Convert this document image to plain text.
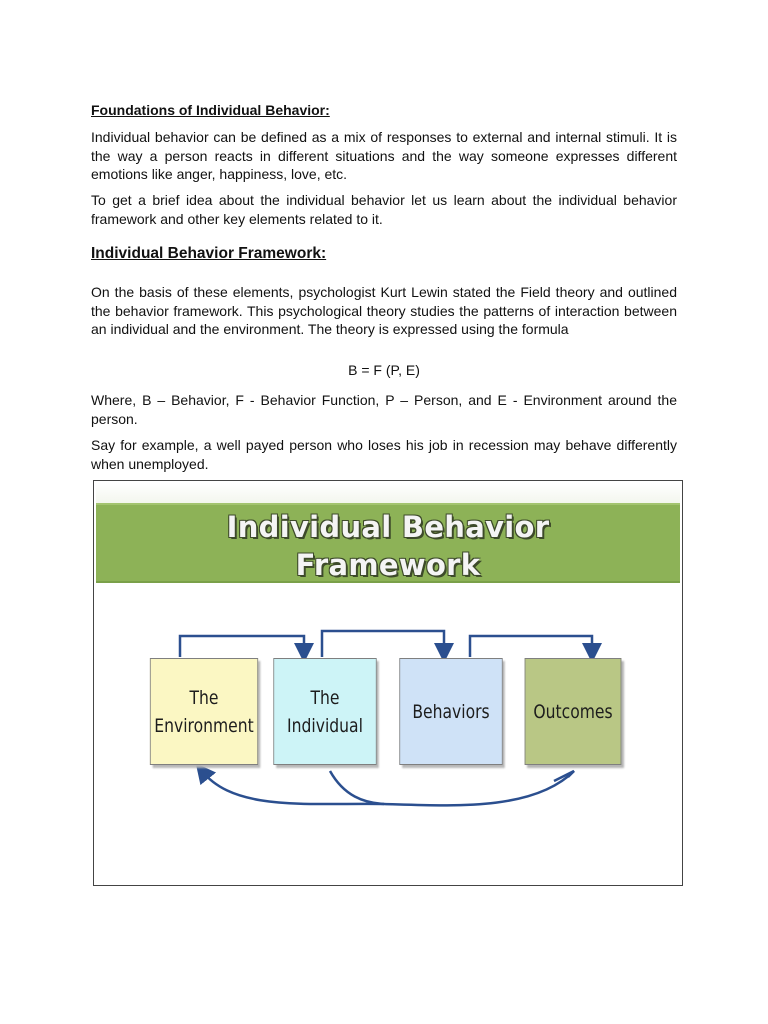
Foundations of Individual Behavior:

Individual behavior can be defined as a mix of responses to external and internal stimuli. It is the way a person reacts in different situations and the way someone expresses different emotions like anger, happiness, love, etc.

To get a brief idea about the individual behavior let us learn about the individual behavior framework and other key elements related to it.

Individual Behavior Framework:

On the basis of these elements, psychologist Kurt Lewin stated the Field theory and outlined the behavior framework. This psychological theory studies the patterns of interaction between an individual and the environment. The theory is expressed using the formula

B = F (P, E)

Where, B – Behavior, F - Behavior Function, P – Person, and E - Environment around the person.

Say for example, a well payed person who loses his job in recession may behave differently when unemployed.

Individual Behavior
Framework
The
Environment
The
Individual
Behaviors Outcomes
